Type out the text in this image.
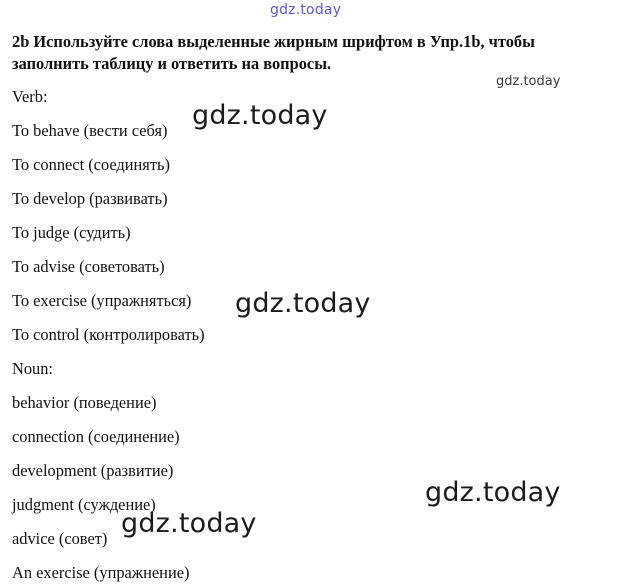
gdz.today
2b Используйте слова выделенные жирным шрифтом в Упр.1b, чтобы заполнить таблицу и ответить на вопросы.
Verb:
To behave (вести себя)
To connect (соединять)
To develop (развивать)
To judge (судить)
To advise (советовать)
To exercise (упражняться)
To control (контролировать)
Noun:
behavior (поведение)
connection (соединение)
development (развитие)
judgment (суждение)
advice (совет)
An exercise (упражнение)
gdz.today
gdz.today
gdz.today
gdz.today
gdz.today
